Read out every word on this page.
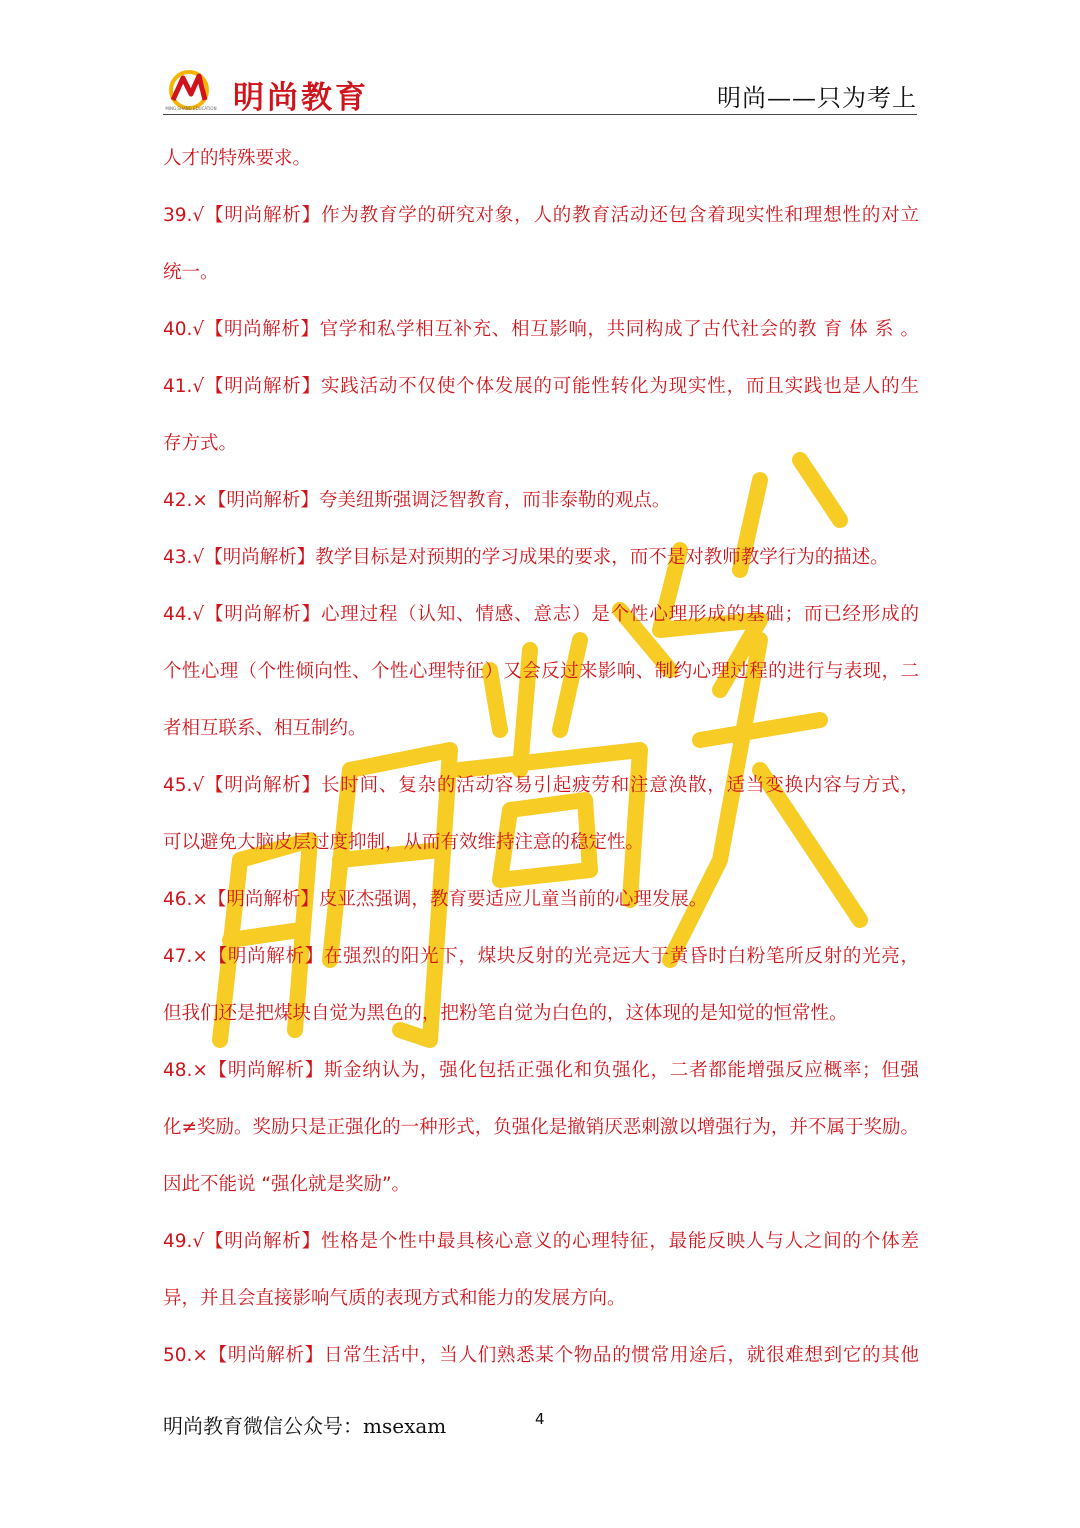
MING SHANG EDUCATION 明尚教育	明尚——只为考上
人才的特殊要求。
39.√【明尚解析】作为教育学的研究对象，人的教育活动还包含着现实性和理想性的对立
统一。
40.√【明尚解析】官学和私学相互补充、相互影响，共同构成了古代社会的教 育 体 系 。
41.√【明尚解析】实践活动不仅使个体发展的可能性转化为现实性，而且实践也是人的生
存方式。
42.×【明尚解析】夸美纽斯强调泛智教育，而非泰勒的观点。
43.√【明尚解析】教学目标是对预期的学习成果的要求，而不是对教师教学行为的描述。
44.√【明尚解析】心理过程（认知、情感、意志）是个性心理形成的基础；而已经形成的
个性心理（个性倾向性、个性心理特征）又会反过来影响、制约心理过程的进行与表现，二
者相互联系、相互制约。
45.√【明尚解析】长时间、复杂的活动容易引起疲劳和注意涣散，适当变换内容与方式，
可以避免大脑皮层过度抑制，从而有效维持注意的稳定性。
46.×【明尚解析】皮亚杰强调，教育要适应儿童当前的心理发展。
47.×【明尚解析】在强烈的阳光下，煤块反射的光亮远大于黄昏时白粉笔所反射的光亮，
但我们还是把煤块自觉为黑色的，把粉笔自觉为白色的，这体现的是知觉的恒常性。
48.×【明尚解析】斯金纳认为，强化包括正强化和负强化，二者都能增强反应概率；但强
化≠奖励。奖励只是正强化的一种形式，负强化是撤销厌恶刺激以增强行为，并不属于奖励。
因此不能说 “强化就是奖励”。
49.√【明尚解析】性格是个性中最具核心意义的心理特征，最能反映人与人之间的个体差
异，并且会直接影响气质的表现方式和能力的发展方向。
50.×【明尚解析】日常生活中，当人们熟悉某个物品的惯常用途后，就很难想到它的其他
明尚教育微信公众号：msexam	4
